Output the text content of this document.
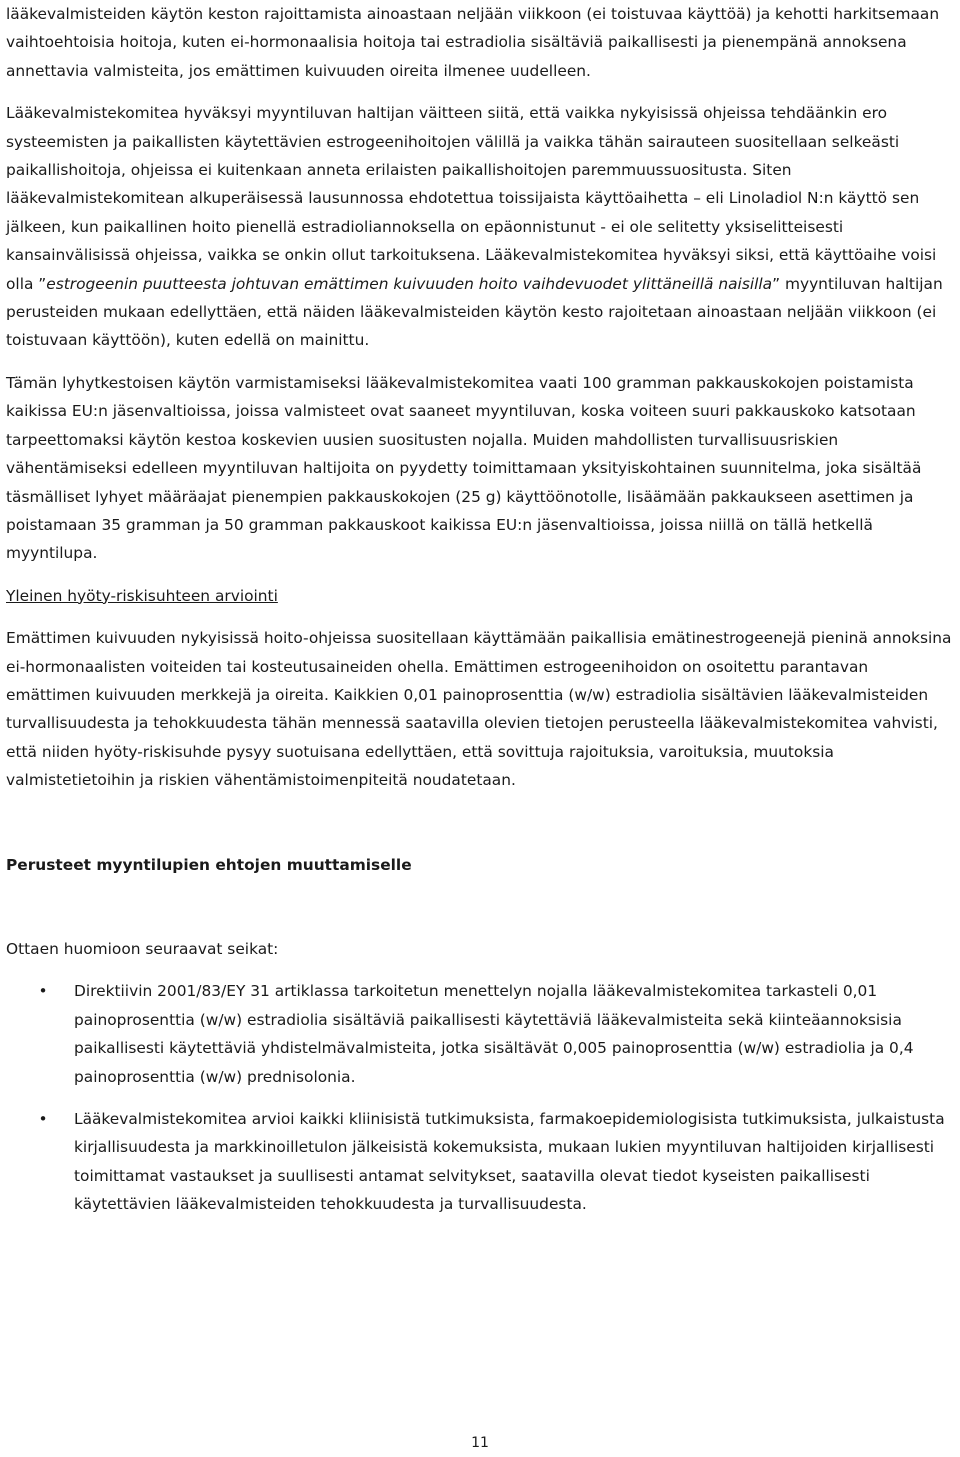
lääkevalmisteiden käytön keston rajoittamista ainoastaan neljään viikkoon (ei toistuvaa käyttöä) ja kehotti harkitsemaan vaihtoehtoisia hoitoja, kuten ei-hormonaalisia hoitoja tai estradiolia sisältäviä paikallisesti ja pienempänä annoksena annettavia valmisteita, jos emättimen kuivuuden oireita ilmenee uudelleen.

Lääkevalmistekomitea hyväksyi myyntiluvan haltijan väitteen siitä, että vaikka nykyisissä ohjeissa tehdäänkin ero systeemisten ja paikallisten käytettävien estrogeenihoitojen välillä ja vaikka tähän sairauteen suositellaan selkeästi paikallishoitoja, ohjeissa ei kuitenkaan anneta erilaisten paikallishoitojen paremmuussuositusta. Siten lääkevalmistekomitean alkuperäisessä lausunnossa ehdotettua toissijaista käyttöaihetta – eli Linoladiol N:n käyttö sen jälkeen, kun paikallinen hoito pienellä estradioliannoksella on epäonnistunut - ei ole selitetty yksiselitteisesti kansainvälisissä ohjeissa, vaikka se onkin ollut tarkoituksena. Lääkevalmistekomitea hyväksyi siksi, että käyttöaihe voisi olla ”estrogeenin puutteesta johtuvan emättimen kuivuuden hoito vaihdevuodet ylittäneillä naisilla” myyntiluvan haltijan perusteiden mukaan edellyttäen, että näiden lääkevalmisteiden käytön kesto rajoitetaan ainoastaan neljään viikkoon (ei toistuvaan käyttöön), kuten edellä on mainittu.

Tämän lyhytkestoisen käytön varmistamiseksi lääkevalmistekomitea vaati 100 gramman pakkauskokojen poistamista kaikissa EU:n jäsenvaltioissa, joissa valmisteet ovat saaneet myyntiluvan, koska voiteen suuri pakkauskoko katsotaan tarpeettomaksi käytön kestoa koskevien uusien suositusten nojalla. Muiden mahdollisten turvallisuusriskien vähentämiseksi edelleen myyntiluvan haltijoita on pyydetty toimittamaan yksityiskohtainen suunnitelma, joka sisältää täsmälliset lyhyet määräajat pienempien pakkauskokojen (25 g) käyttöönotolle, lisäämään pakkaukseen asettimen ja poistamaan 35 gramman ja 50 gramman pakkauskoot kaikissa EU:n jäsenvaltioissa, joissa niillä on tällä hetkellä myyntilupa.

Yleinen hyöty-riskisuhteen arviointi

Emättimen kuivuuden nykyisissä hoito-ohjeissa suositellaan käyttämään paikallisia emätinestrogeenejä pieninä annoksina ei-hormonaalisten voiteiden tai kosteutusaineiden ohella. Emättimen estrogeenihoidon on osoitettu parantavan emättimen kuivuuden merkkejä ja oireita. Kaikkien 0,01 painoprosenttia (w/w) estradiolia sisältävien lääkevalmisteiden turvallisuudesta ja tehokkuudesta tähän mennessä saatavilla olevien tietojen perusteella lääkevalmistekomitea vahvisti, että niiden hyöty-riskisuhde pysyy suotuisana edellyttäen, että sovittuja rajoituksia, varoituksia, muutoksia valmistetietoihin ja riskien vähentämistoimenpiteitä noudatetaan.

Perusteet myyntilupien ehtojen muuttamiselle

Ottaen huomioon seuraavat seikat:

• Direktiivin 2001/83/EY 31 artiklassa tarkoitetun menettelyn nojalla lääkevalmistekomitea tarkasteli 0,01 painoprosenttia (w/w) estradiolia sisältäviä paikallisesti käytettäviä lääkevalmisteita sekä kiinteäannoksisia paikallisesti käytettäviä yhdistelmävalmisteita, jotka sisältävät 0,005 painoprosenttia (w/w) estradiolia ja 0,4 painoprosenttia (w/w) prednisolonia.
• Lääkevalmistekomitea arvioi kaikki kliinisistä tutkimuksista, farmakoepidemiologisista tutkimuksista, julkaistusta kirjallisuudesta ja markkinoilletulon jälkeisistä kokemuksista, mukaan lukien myyntiluvan haltijoiden kirjallisesti toimittamat vastaukset ja suullisesti antamat selvitykset, saatavilla olevat tiedot kyseisten paikallisesti käytettävien lääkevalmisteiden tehokkuudesta ja turvallisuudesta.
11
